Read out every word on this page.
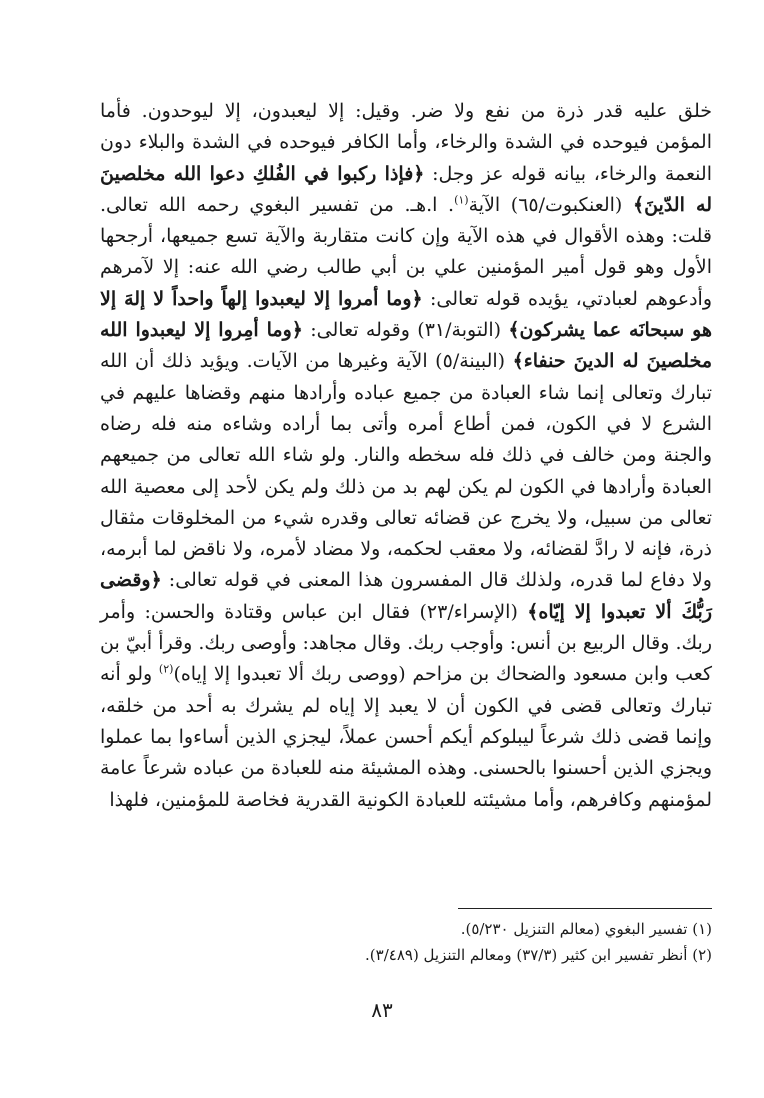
خلق عليه قدر ذرة من نفع ولا ضر. وقيل: إلا ليعبدون، إلا ليوحدون. فأما المؤمن فيوحده في الشدة والرخاء، وأما الكافر فيوحده في الشدة والبلاء دون النعمة والرخاء، بيانه قوله عز وجل: ﴿فإذا ركبوا في الفُلكِ دعوا الله مخلصينَ له الدّينَ﴾ (العنكبوت/٦٥) الآية$^{(١)}$. ا.هـ. من تفسير البغوي رحمه الله تعالى. قلت: وهذه الأقوال في هذه الآية وإن كانت متقاربة والآية تسع جميعها، أرجحها الأول وهو قول أمير المؤمنين علي بن أبي طالب رضي الله عنه: إلا لآمرهم وأدعوهم لعبادتي، يؤيده قوله تعالى: ﴿وما أمروا إلا ليعبدوا إلهاً واحداً لا إلهَ إلا هو سبحانَه عما يشركون﴾ (التوبة/٣١) وقوله تعالى: ﴿وما أمِروا إلا ليعبدوا الله مخلصينَ له الدينَ حنفاء﴾ (البينة/٥) الآية وغيرها من الآيات. ويؤيد ذلك أن الله تبارك وتعالى إنما شاء العبادة من جميع عباده وأرادها منهم وقضاها عليهم في الشرع لا في الكون، فمن أطاع أمره وأتى بما أراده وشاءه منه فله رضاه والجنة ومن خالف في ذلك فله سخطه والنار. ولو شاء الله تعالى من جميعهم العبادة وأرادها في الكون لم يكن لهم بد من ذلك ولم يكن لأحد إلى معصية الله تعالى من سبيل، ولا يخرج عن قضائه تعالى وقدره شيء من المخلوقات مثقال ذرة، فإنه لا رادَّ لقضائه، ولا معقب لحكمه، ولا مضاد لأمره، ولا ناقض لما أبرمه، ولا دفاع لما قدره، ولذلك قال المفسرون هذا المعنى في قوله تعالى: ﴿وقضى رَبُّكَ ألا تعبدوا إلا إيّاه﴾ (الإسراء/٢٣) فقال ابن عباس وقتادة والحسن: وأمر ربك. وقال الربيع بن أنس: وأوجب ربك. وقال مجاهد: وأوصى ربك. وقرأ أبيّ بن كعب وابن مسعود والضحاك بن مزاحم (ووصى ربك ألا تعبدوا إلا إياه)$^{(٢)}$ ولو أنه تبارك وتعالى قضى في الكون أن لا يعبد إلا إياه لم يشرك به أحد من خلقه، وإنما قضى ذلك شرعاً ليبلوكم أيكم أحسن عملاً، ليجزي الذين أساءوا بما عملوا ويجزي الذين أحسنوا بالحسنى. وهذه المشيئة منه للعبادة من عباده شرعاً عامة لمؤمنهم وكافرهم، وأما مشيئته للعبادة الكونية القدرية فخاصة للمؤمنين، فلهذا

(١) تفسير البغوي (معالم التنزيل ٥/٢٣٠).
(٢) أنظر تفسير ابن كثير (٣٧/٣) ومعالم التنزيل (٣/٤٨٩).
٨٣
